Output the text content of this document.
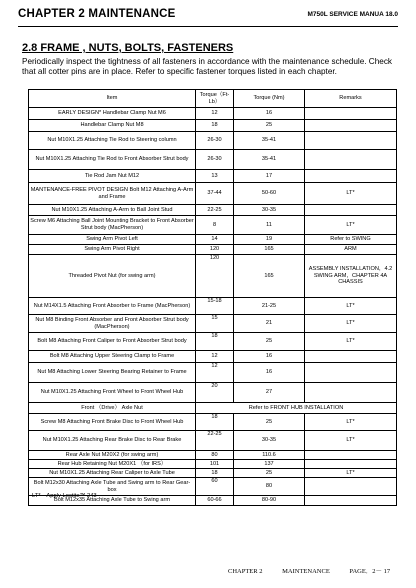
CHAPTER 2 MAINTENANCE	M750L SERVICE MANUA 18.0
2.8 FRAME , NUTS, BOLTS, FASTENERS
Periodically inspect the tightness of all fasteners in accordance with the maintenance schedule. Check that all cotter pins are in place. Refer to specific fastener torques listed in each chapter.
Item	Torque（Ft-Lb）	Torque (Nm)	Remarks
EARLY DESIGN* Handlebar Clamp Nut M6	12	16	
Handlebar Clamp Nut M8	18	25	
Nut M10X1.25 Attaching Tie Rod to Steering column	26-30	35-41	
Nut M10X1.25 Attaching Tie Rod to Front Absorber Strut body	26-30	35-41	
Tie Rod Jam Nut M12	13	17	
MANTENANCE-FREE PIVOT DESIGN Bolt M12 Attaching A-Arm and Frame	37-44	50-60	LT*
Nut M10X1.25 Attaching A-Arm to Ball Joint Stud	22-25	30-35	
Screw M6 Attaching Ball Joint Mounting Bracket to Front Absorber Strut body (MacPherson)	8	11	LT*
Swing Arm Pivot Left	14	19	Refer to SWING
Swing Arm Pivot Right	120	165	ARM
Threaded Pivot Nut (for swing arm)	120	165	ASSEMBLY INSTALLATION，4.2 SWING ARM，CHAPTER 4A CHASSIS
Nut M14X1.5 Attaching Front Absorber to Frame (MacPherson)	15-18	21-25	LT*
Nut M8 Binding Front Absorber and Front Absorber Strut body (MacPherson)	15	21	LT*
Bolt M8 Attaching Front Caliper to Front Absorber Strut body	18	25	LT*
Bolt M8 Attaching Upper Steering Clamp to Frame	12	16	
Nut M8 Attaching Lower Steering Bearing Retainer to Frame	12	16	
Nut M10X1.25 Attaching Front Wheel to Front Wheel Hub	20	27	
Front （Drive） Axle Nut	Refer to FRONT HUB INSTALLATION		
Screw M8 Attaching Front Brake Disc to Front Wheel Hub	18	25	LT*
Nut M10X1.25 Attaching Rear Brake Disc to Rear Brake	22-25	30-35	LT*
Rear Axle Nut M20X2 (for swing arm)	80	110.6	
Rear Hub Retaining Nut M20X1 （for IRS）	101	137	
Nut M10X1.25 Attaching Rear Caliper to Axle Tube	18	25	LT*
Bolt M12x30 Attaching Axle Tube and Swing arm to Rear Gear-box	60	80	
Bolt M12x35 Attaching Axle Tube to Swing arm	60-66	80-90	
LT*—Apply Loctite™ 243
CHAPTER 2	MAINTENANCE	PAGE．2－ 17
